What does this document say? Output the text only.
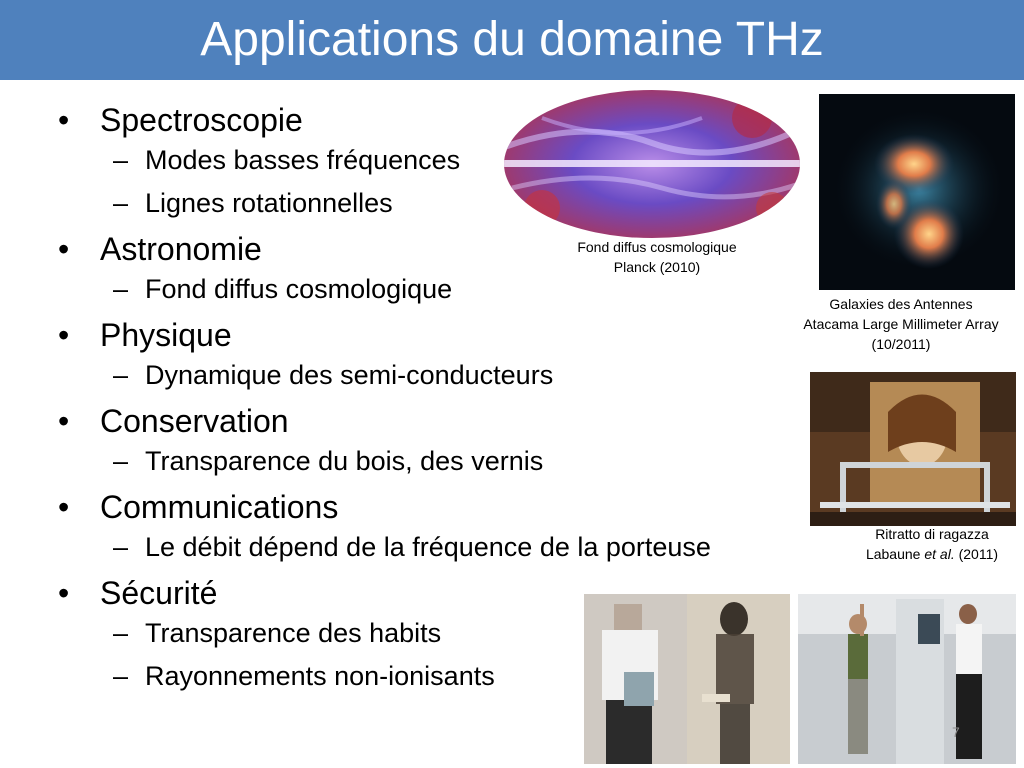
Applications du domaine THz
• Spectroscopie
– Modes basses fréquences
– Lignes rotationnelles
• Astronomie
– Fond diffus cosmologique
• Physique
– Dynamique des semi-conducteurs
• Conservation
– Transparence du bois, des vernis
• Communications
– Le débit dépend de la fréquence de la porteuse
• Sécurité
– Transparence des habits
– Rayonnements non-ionisants
Fond diffus cosmologique
Planck (2010)
Galaxies des Antennes
Atacama Large Millimeter Array
(10/2011)
Ritratto di ragazza
Labaune et al. (2011)
7
